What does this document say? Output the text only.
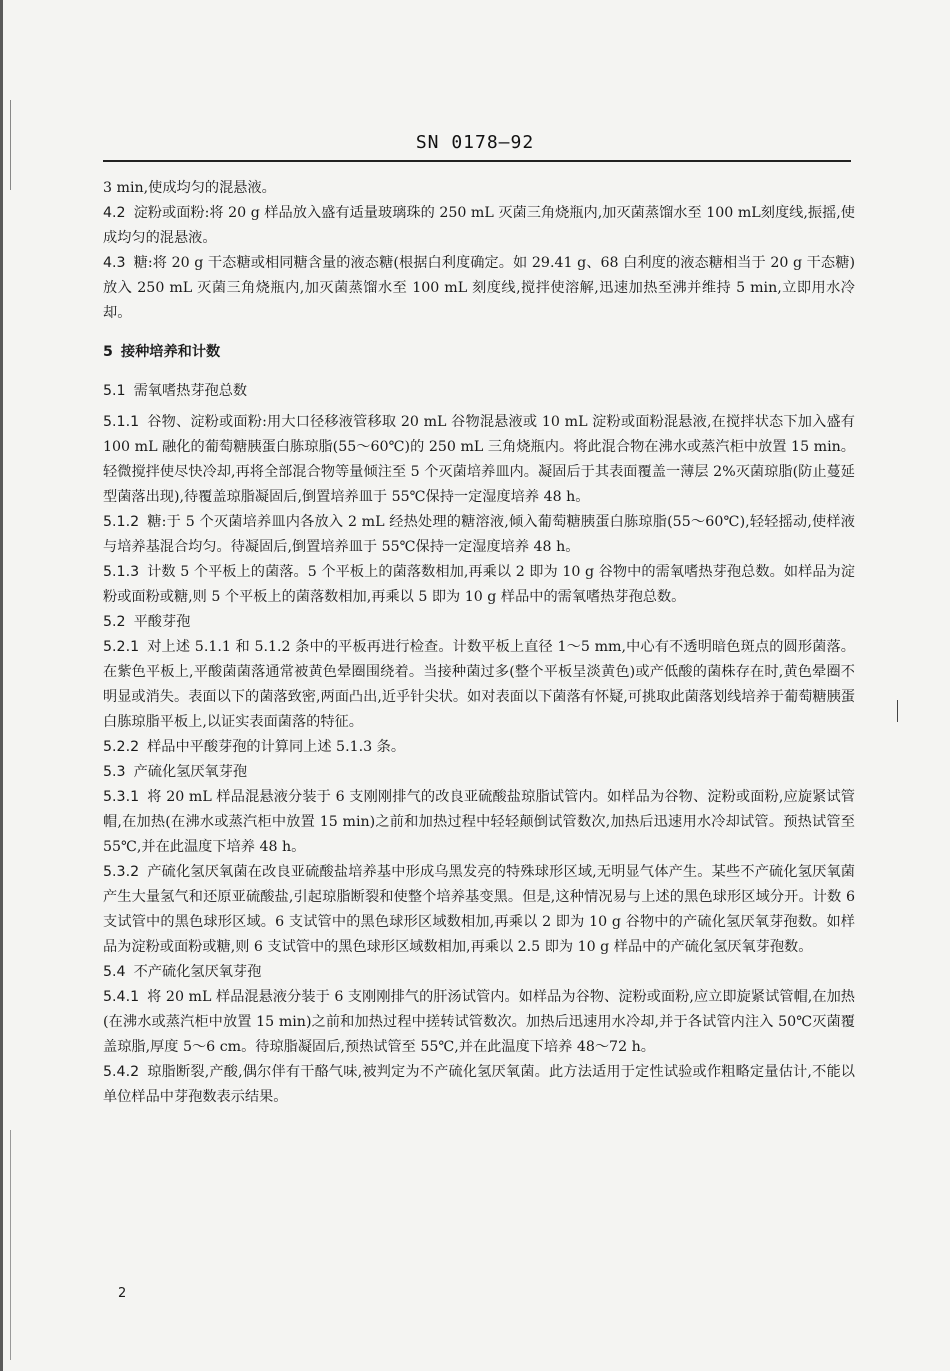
SN 0178—92

3 min,使成均匀的混悬液。

4.2 淀粉或面粉:将 20 g 样品放入盛有适量玻璃珠的 250 mL 灭菌三角烧瓶内,加灭菌蒸馏水至 100 mL刻度线,振摇,使成均匀的混悬液。

4.3 糖:将 20 g 干态糖或相同糖含量的液态糖(根据白利度确定。如 29.41 g、68 白利度的液态糖相当于 20 g 干态糖)放入 250 mL 灭菌三角烧瓶内,加灭菌蒸馏水至 100 mL 刻度线,搅拌使溶解,迅速加热至沸并维持 5 min,立即用水冷却。

5 接种培养和计数

5.1 需氧嗜热芽孢总数

5.1.1 谷物、淀粉或面粉:用大口径移液管移取 20 mL 谷物混悬液或 10 mL 淀粉或面粉混悬液,在搅拌状态下加入盛有 100 mL 融化的葡萄糖胰蛋白胨琼脂(55～60℃)的 250 mL 三角烧瓶内。将此混合物在沸水或蒸汽柜中放置 15 min。轻微搅拌使尽快冷却,再将全部混合物等量倾注至 5 个灭菌培养皿内。凝固后于其表面覆盖一薄层 2%灭菌琼脂(防止蔓延型菌落出现),待覆盖琼脂凝固后,倒置培养皿于 55℃保持一定湿度培养 48 h。

5.1.2 糖:于 5 个灭菌培养皿内各放入 2 mL 经热处理的糖溶液,倾入葡萄糖胰蛋白胨琼脂(55～60℃),轻轻摇动,使样液与培养基混合均匀。待凝固后,倒置培养皿于 55℃保持一定湿度培养 48 h。

5.1.3 计数 5 个平板上的菌落。5 个平板上的菌落数相加,再乘以 2 即为 10 g 谷物中的需氧嗜热芽孢总数。如样品为淀粉或面粉或糖,则 5 个平板上的菌落数相加,再乘以 5 即为 10 g 样品中的需氧嗜热芽孢总数。

5.2 平酸芽孢

5.2.1 对上述 5.1.1 和 5.1.2 条中的平板再进行检查。计数平板上直径 1～5 mm,中心有不透明暗色斑点的圆形菌落。在紫色平板上,平酸菌菌落通常被黄色晕圈围绕着。当接种菌过多(整个平板呈淡黄色)或产低酸的菌株存在时,黄色晕圈不明显或消失。表面以下的菌落致密,两面凸出,近乎针尖状。如对表面以下菌落有怀疑,可挑取此菌落划线培养于葡萄糖胰蛋白胨琼脂平板上,以证实表面菌落的特征。

5.2.2 样品中平酸芽孢的计算同上述 5.1.3 条。

5.3 产硫化氢厌氧芽孢

5.3.1 将 20 mL 样品混悬液分装于 6 支刚刚排气的改良亚硫酸盐琼脂试管内。如样品为谷物、淀粉或面粉,应旋紧试管帽,在加热(在沸水或蒸汽柜中放置 15 min)之前和加热过程中轻轻颠倒试管数次,加热后迅速用水冷却试管。预热试管至 55℃,并在此温度下培养 48 h。

5.3.2 产硫化氢厌氧菌在改良亚硫酸盐培养基中形成乌黑发亮的特殊球形区域,无明显气体产生。某些不产硫化氢厌氧菌产生大量氢气和还原亚硫酸盐,引起琼脂断裂和使整个培养基变黑。但是,这种情况易与上述的黑色球形区域分开。计数 6 支试管中的黑色球形区域。6 支试管中的黑色球形区域数相加,再乘以 2 即为 10 g 谷物中的产硫化氢厌氧芽孢数。如样品为淀粉或面粉或糖,则 6 支试管中的黑色球形区域数相加,再乘以 2.5 即为 10 g 样品中的产硫化氢厌氧芽孢数。

5.4 不产硫化氢厌氧芽孢

5.4.1 将 20 mL 样品混悬液分装于 6 支刚刚排气的肝汤试管内。如样品为谷物、淀粉或面粉,应立即旋紧试管帽,在加热(在沸水或蒸汽柜中放置 15 min)之前和加热过程中搓转试管数次。加热后迅速用水冷却,并于各试管内注入 50℃灭菌覆盖琼脂,厚度 5～6 cm。待琼脂凝固后,预热试管至 55℃,并在此温度下培养 48～72 h。

5.4.2 琼脂断裂,产酸,偶尔伴有干酪气味,被判定为不产硫化氢厌氧菌。此方法适用于定性试验或作粗略定量估计,不能以单位样品中芽孢数表示结果。

2
